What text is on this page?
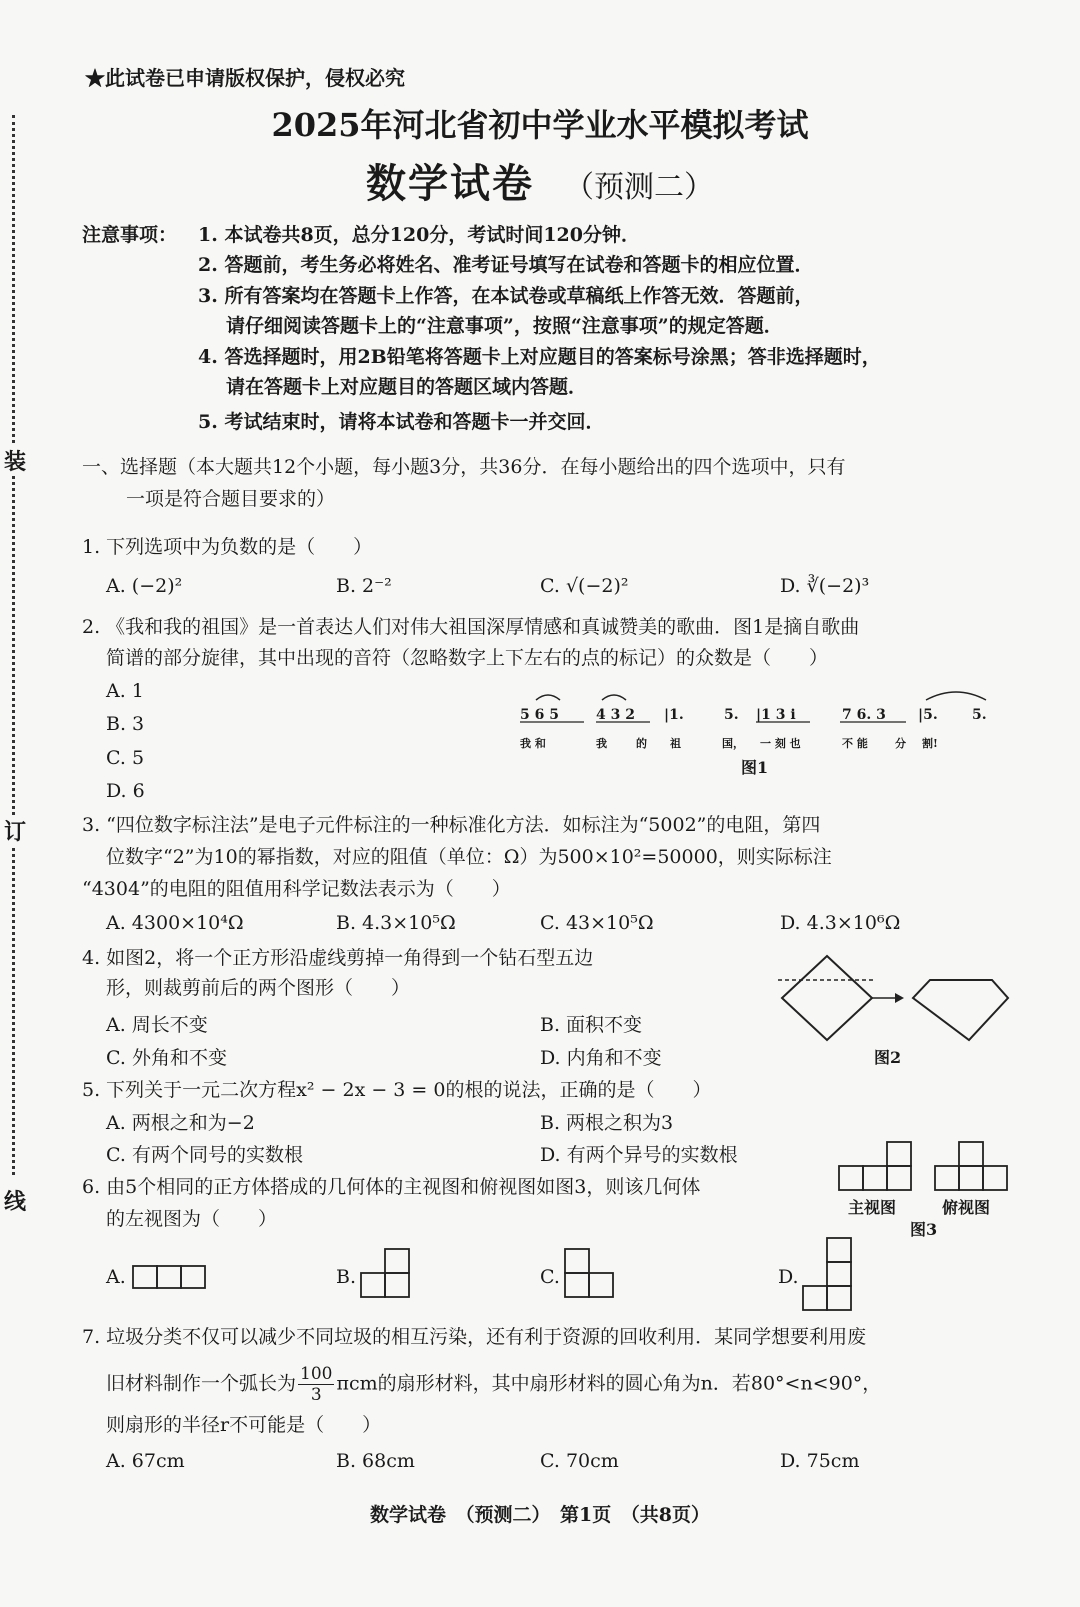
装
订
线
★此试卷已申请版权保护，侵权必究
2025年河北省初中学业水平模拟考试
数学试卷 （预测二）
注意事项： 1. 本试卷共8页，总分120分，考试时间120分钟．
2. 答题前，考生务必将姓名、准考证号填写在试卷和答题卡的相应位置．
3. 所有答案均在答题卡上作答，在本试卷或草稿纸上作答无效．答题前，
请仔细阅读答题卡上的“注意事项”，按照“注意事项”的规定答题．
4. 答选择题时，用2B铅笔将答题卡上对应题目的答案标号涂黑；答非选择题时，
请在答题卡上对应题目的答题区域内答题．
5. 考试结束时，请将本试卷和答题卡一并交回．
一、选择题（本大题共12个小题，每小题3分，共36分．在每小题给出的四个选项中，只有
一项是符合题目要求的）
1. 下列选项中为负数的是（　　）
A. (−2)²	B. 2⁻²	C. √(−2)²	D. ∛(−2)³
2. 《我和我的祖国》是一首表达人们对伟大祖国深厚情感和真诚赞美的歌曲．图1是摘自歌曲
简谱的部分旋律，其中出现的音符（忽略数字上下左右的点的标记）的众数是（　　）
A. 1
B. 3
C. 5
D. 6
5 6 5	4 3 2 |1.	5. |1 3 i	7 6. 3 |5. 5.
我 和	我	的 祖	国， 一 刻 也	不 能 分 割!
图1
3. “四位数字标注法”是电子元件标注的一种标准化方法．如标注为“5002”的电阻，第四
位数字“2”为10的幂指数，对应的阻值（单位：Ω）为500×10²=50000，则实际标注
“4304”的电阻的阻值用科学记数法表示为（　　）
A. 4300×10⁴Ω	B. 4.3×10⁵Ω	C. 43×10⁵Ω	D. 4.3×10⁶Ω
4. 如图2，将一个正方形沿虚线剪掉一角得到一个钻石型五边
形，则裁剪前后的两个图形（　　）
A. 周长不变	B. 面积不变
C. 外角和不变	D. 内角和不变	图2
5. 下列关于一元二次方程x² − 2x − 3 = 0的根的说法，正确的是（　　）
A. 两根之和为−2	B. 两根之积为3
C. 有两个同号的实数根	D. 有两个异号的实数根
6. 由5个相同的正方体搭成的几何体的主视图和俯视图如图3，则该几何体
的左视图为（　　）
主视图	俯视图
图3
A.	B.	C.	D.
7. 垃圾分类不仅可以减少不同垃圾的相互污染，还有利于资源的回收利用．某同学想要利用废
旧材料制作一个弧长为 $\frac{100}{3}$ πcm的扇形材料，其中扇形材料的圆心角为n．若80°<n<90°，
则扇形的半径r不可能是（　　）
A. 67cm	B. 68cm	C. 70cm	D. 75cm
数学试卷　（预测二）　第1页　（共8页）
